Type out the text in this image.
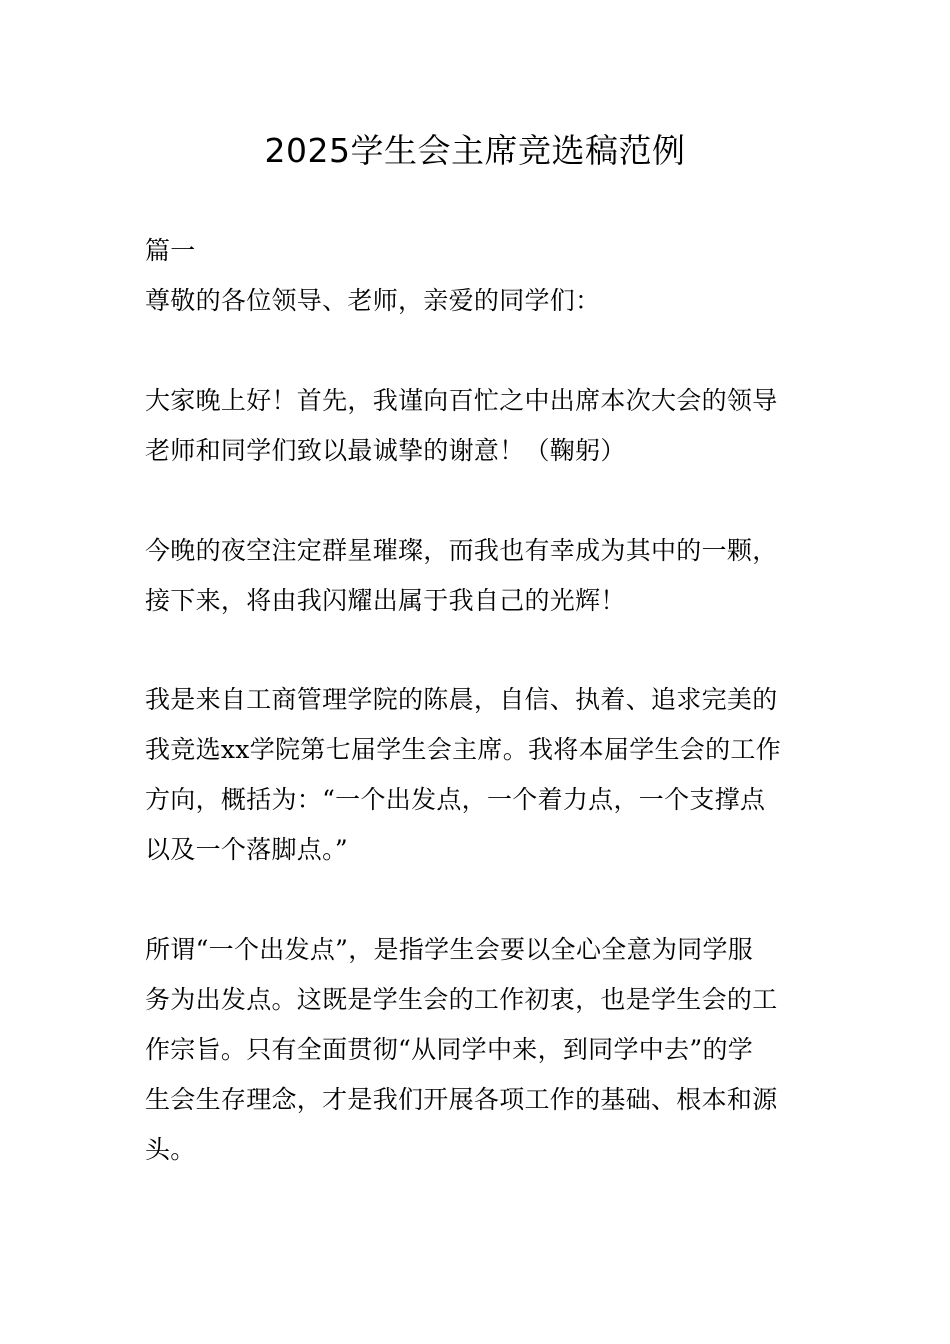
2025学生会主席竞选稿范例
篇一
尊敬的各位领导、老师，亲爱的同学们：
大家晚上好！首先，我谨向百忙之中出席本次大会的领导
老师和同学们致以最诚挚的谢意！（鞠躬）
今晚的夜空注定群星璀璨，而我也有幸成为其中的一颗，
接下来，将由我闪耀出属于我自己的光辉！
我是来自工商管理学院的陈晨，自信、执着、追求完美的
我竞选xx学院第七届学生会主席。我将本届学生会的工作
方向，概括为：“一个出发点，一个着力点，一个支撑点
以及一个落脚点。”
所谓“一个出发点”，是指学生会要以全心全意为同学服
务为出发点。这既是学生会的工作初衷，也是学生会的工
作宗旨。只有全面贯彻“从同学中来，到同学中去”的学
生会生存理念，才是我们开展各项工作的基础、根本和源
头。
